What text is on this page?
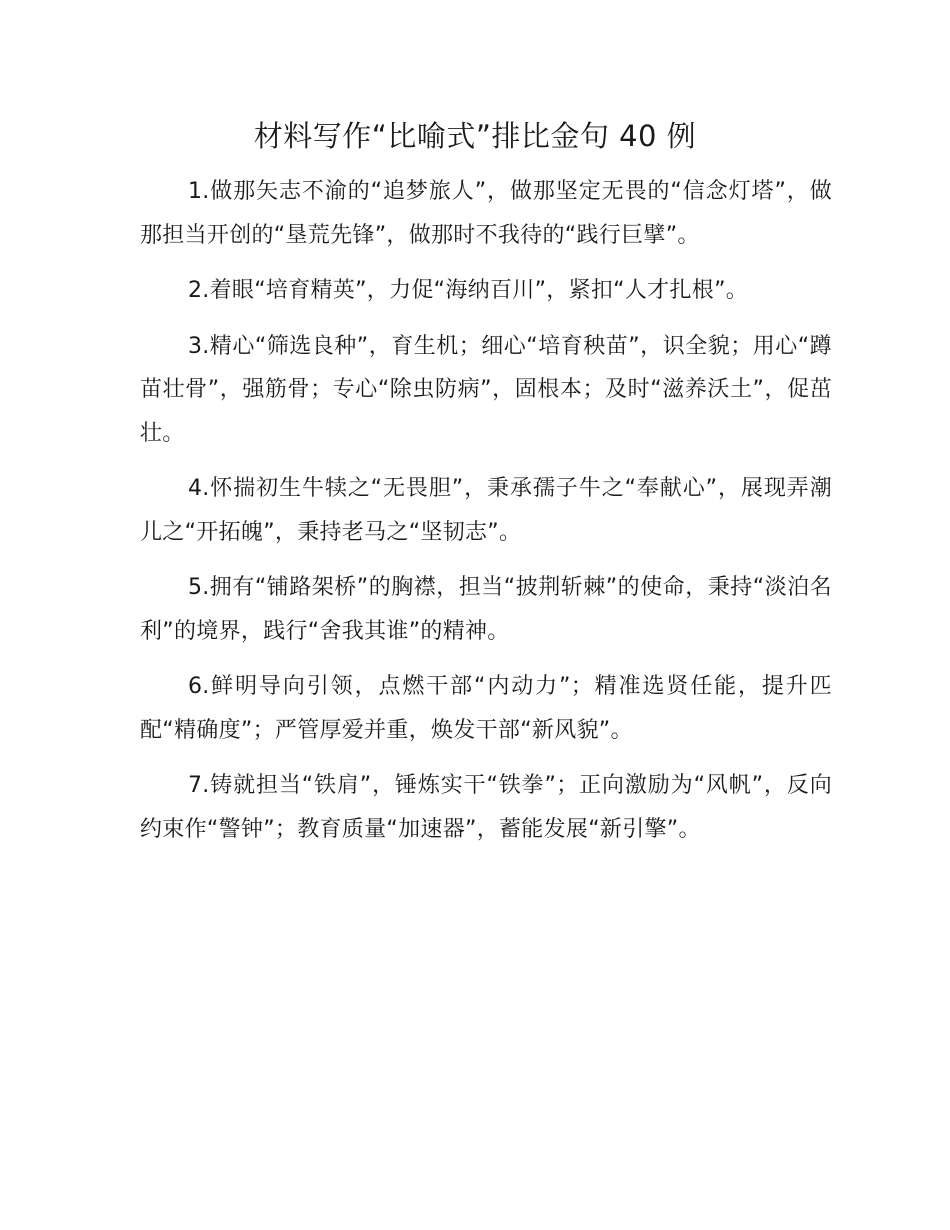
材料写作“比喻式”排比金句 40 例

1.做那矢志不渝的“追梦旅人”，做那坚定无畏的“信念灯塔”，做那担当开创的“垦荒先锋”，做那时不我待的“践行巨擘”。

2.着眼“培育精英”，力促“海纳百川”，紧扣“人才扎根”。

3.精心“筛选良种”，育生机；细心“培育秧苗”，识全貌；用心“蹲苗壮骨”，强筋骨；专心“除虫防病”，固根本；及时“滋养沃土”，促茁壮。

4.怀揣初生牛犊之“无畏胆”，秉承孺子牛之“奉献心”，展现弄潮儿之“开拓魄”，秉持老马之“坚韧志”。

5.拥有“铺路架桥”的胸襟，担当“披荆斩棘”的使命，秉持“淡泊名利”的境界，践行“舍我其谁”的精神。

6.鲜明导向引领，点燃干部“内动力”；精准选贤任能，提升匹配“精确度”；严管厚爱并重，焕发干部“新风貌”。

7.铸就担当“铁肩”，锤炼实干“铁拳”；正向激励为“风帆”，反向约束作“警钟”；教育质量“加速器”，蓄能发展“新引擎”。
